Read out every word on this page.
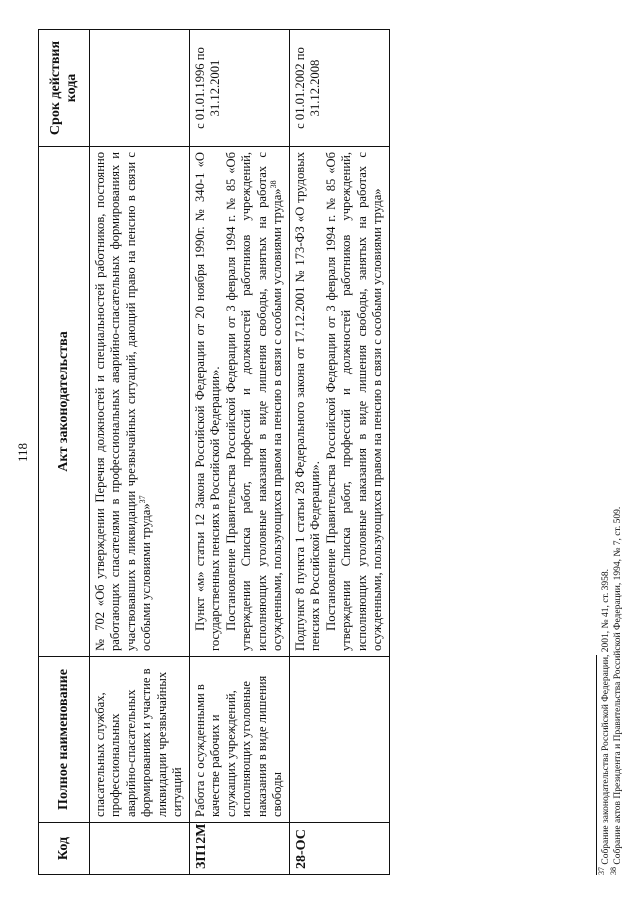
118
Код	Полное наименование	Акт законодательства	Срок действия кода
	спасательных службах, профессиональных аварийно-спасательных формированиях и участие в ликвидации чрезвычайных ситуаций	№ 702 «Об утверждении Перечня должностей и специальностей работников, постоянно работающих спасателями в профессиональных аварийно-спасательных формированиях и участвовавших в ликвидации чрезвычайных ситуаций, дающий право на пенсию в связи с особыми условиями труда»$^{37}$

ЗП12М	Работа с осужденными в качестве рабочих и служащих учреждений, исполняющих уголовные наказания в виде лишения свободы	Пункт «м» статьи 12 Закона Российской Федерации от 20 ноября 1990г. № 340-1 «О государственных пенсиях в Российской Федерации». Постановление Правительства Российской Федерации от 3 февраля 1994 г. № 85 «Об утверждении Списка работ, профессий и должностей работников учреждений, исполняющих уголовные наказания в виде лишения свободы, занятых на работах с осужденными, пользующихся правом на пенсию в связи с особыми условиями труда»$^{38}$	с 01.01.1996 по 31.12.2001
28-ОС		Подпункт 8 пункта 1 статьи 28 Федерального закона от 17.12.2001 № 173-ФЗ «О трудовых пенсиях в Российской Федерации». Постановление Правительства Российской Федерации от 3 февраля 1994 г. № 85 «Об утверждении Списка работ, профессий и должностей работников учреждений, исполняющих уголовные наказания в виде лишения свободы, занятых на работах с осужденными, пользующихся правом на пенсию в связи с особыми условиями труда»	с 01.01.2002 по 31.12.2008

$^{37}$ Собрание законодательства Российской Федерации, 2001, № 41, ст. 3958.

$^{38}$ Собрание актов Президента и Правительства Российской Федерации, 1994, № 7, ст. 509.
